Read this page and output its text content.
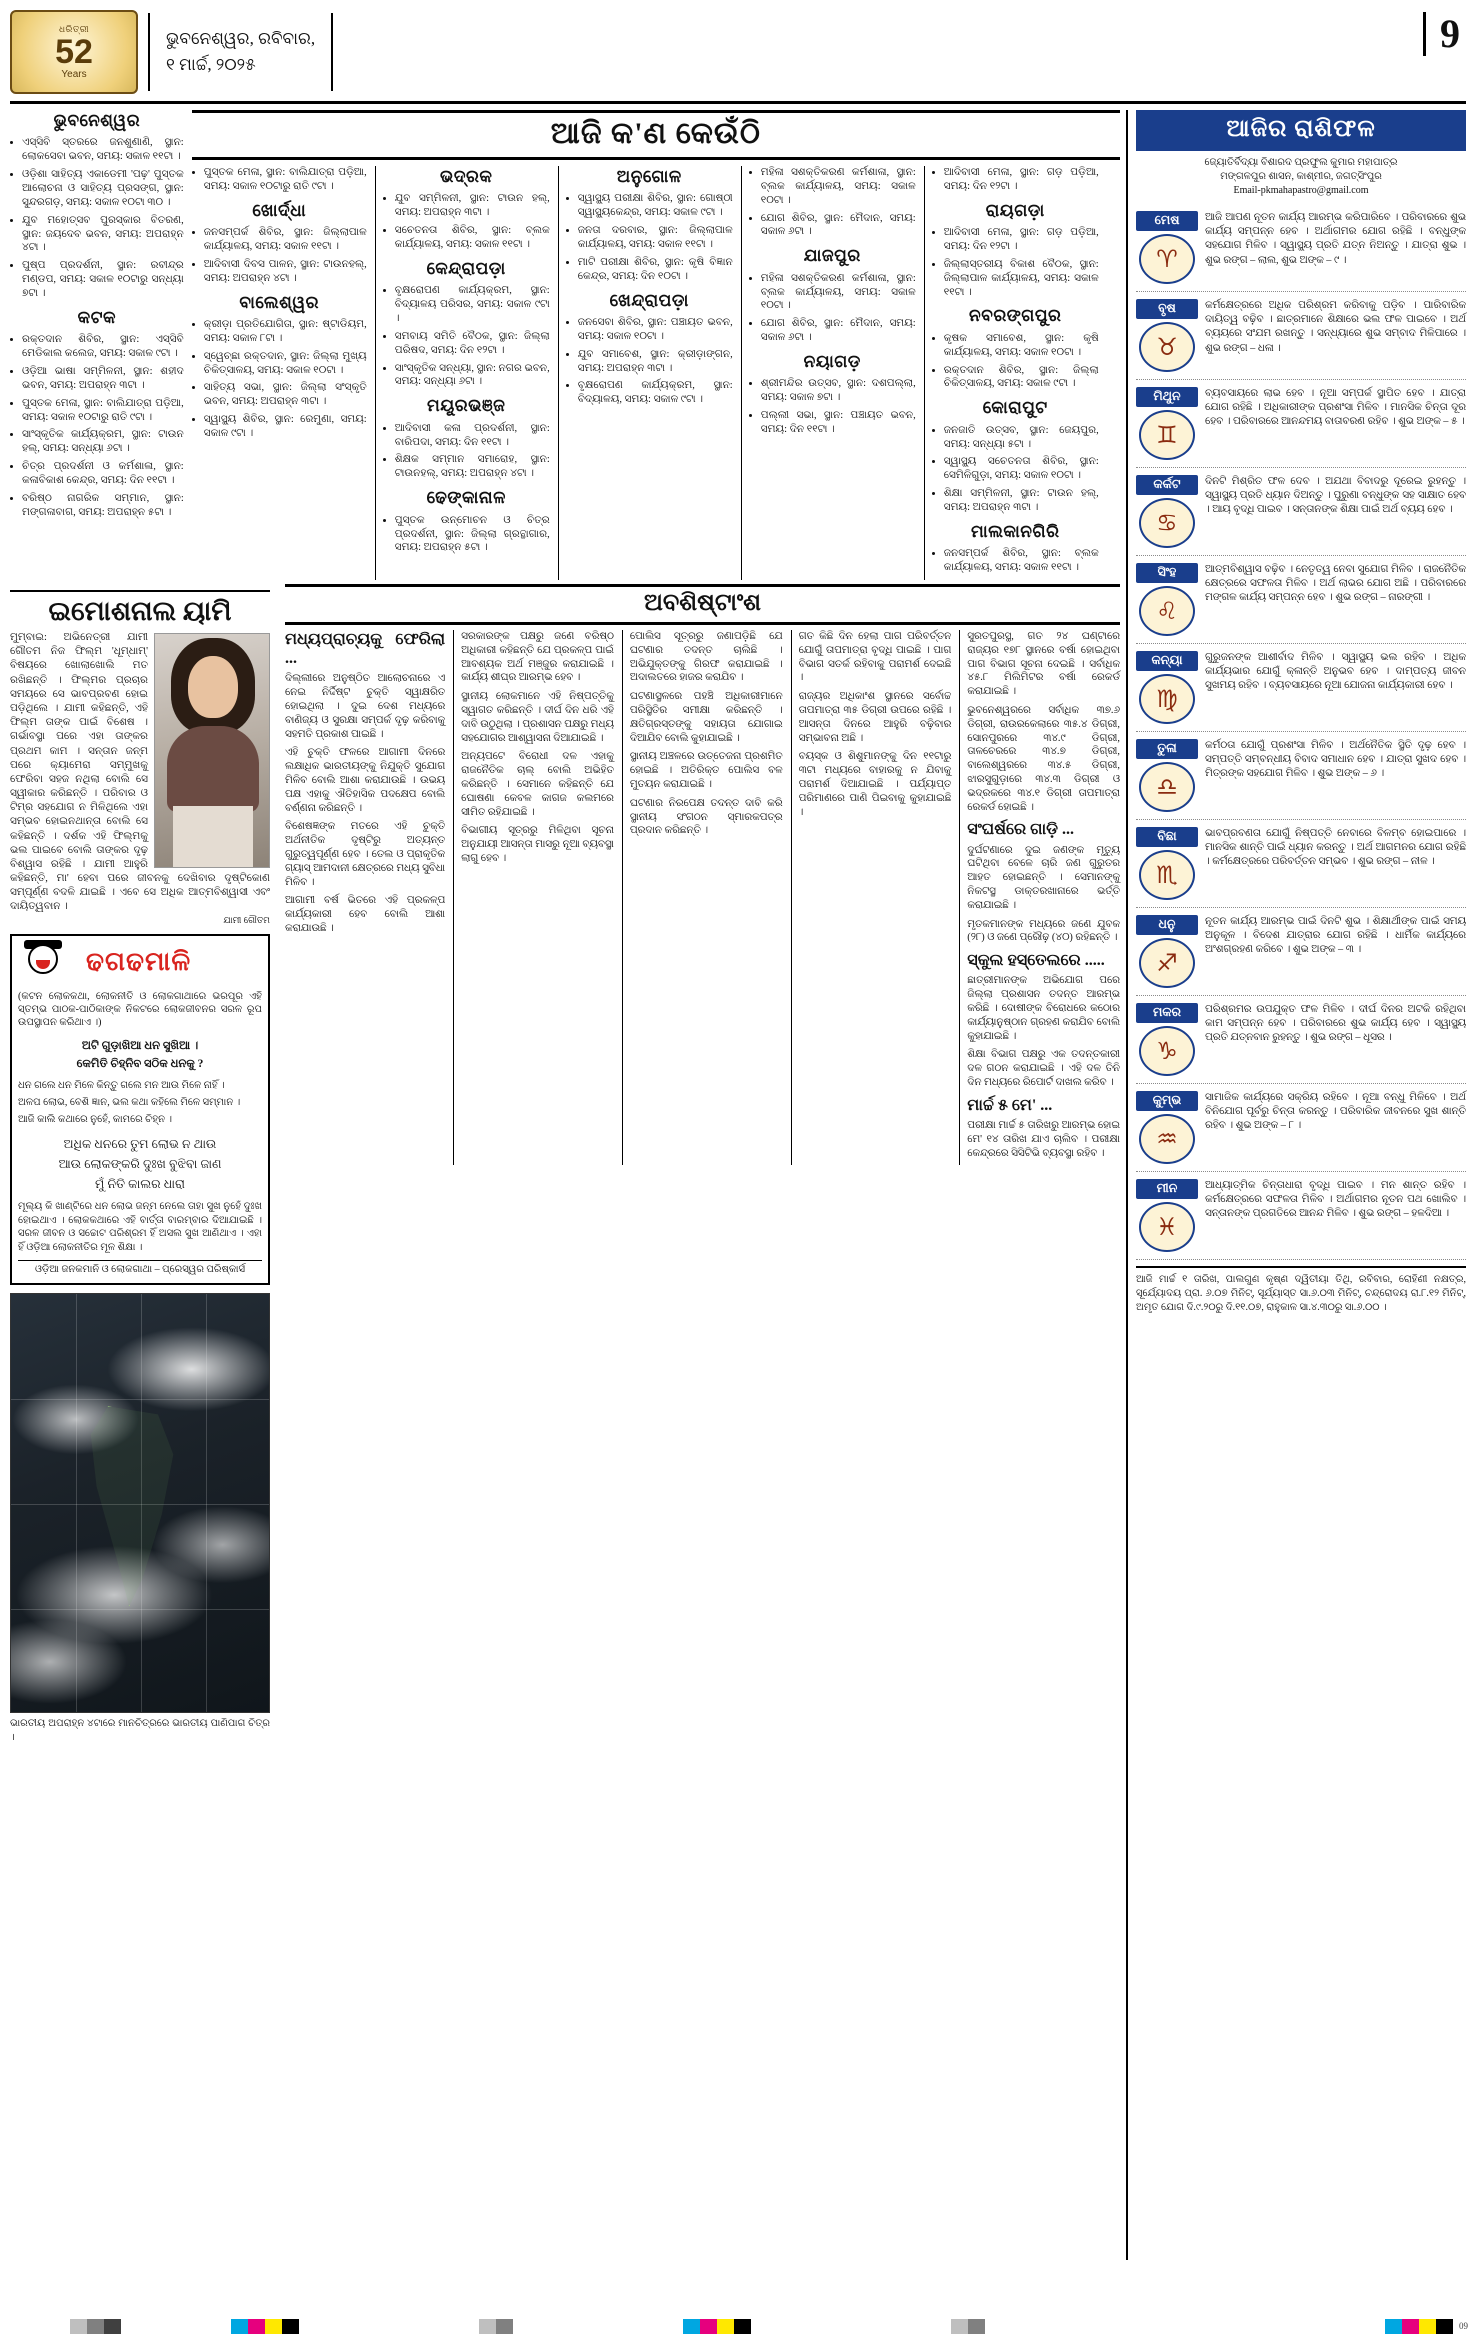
ଧରିତ୍ରୀ
52
Years
ଭୁବନେଶ୍ୱର, ରବିବାର,
୧ ମାର୍ଚ୍ଚ, ୨୦୨୫
9
ଭୁବନେଶ୍ୱର
• ଏସ୍‌ସିବି ସ୍ତରରେ ଜନଶୁଣାଣି, ସ୍ଥାନ: ଲୋକସେବା ଭବନ, ସମୟ: ସକାଳ ୧୧ଟା ।
• ଓଡ଼ିଶା ସାହିତ୍ୟ ଏକାଡେମୀ 'ପଢ଼' ପୁସ୍ତକ ଆଲୋଚନା ଓ ସାହିତ୍ୟ ପ୍ରସଙ୍ଗ, ସ୍ଥାନ: ସୁନ୍ଦରଗଡ଼, ସମୟ: ସକାଳ ୧୦ଟା ୩୦ ।
• ଯୁବ ମହୋତ୍ସବ ପୁରସ୍କାର ବିତରଣ, ସ୍ଥାନ: ଜୟଦେବ ଭବନ, ସମୟ: ଅପରାହ୍ନ ୪ଟା ।
• ପୁଷ୍ପ ପ୍ରଦର୍ଶନୀ, ସ୍ଥାନ: ରବୀନ୍ଦ୍ର ମଣ୍ଡପ, ସମୟ: ସକାଳ ୧୦ଟାରୁ ସନ୍ଧ୍ୟା ୭ଟା ।
କଟକ
• ରକ୍ତଦାନ ଶିବିର, ସ୍ଥାନ: ଏସ୍‌ସିବି ମେଡିକାଲ କଲେଜ, ସମୟ: ସକାଳ ୯ଟା ।
• ଓଡ଼ିଆ ଭାଷା ସମ୍ମିଳନୀ, ସ୍ଥାନ: ଶହୀଦ ଭବନ, ସମୟ: ଅପରାହ୍ନ ୩ଟା ।
• ପୁସ୍ତକ ମେଳା, ସ୍ଥାନ: ବାଲିଯାତ୍ରା ପଡ଼ିଆ, ସମୟ: ସକାଳ ୧୦ଟାରୁ ରାତି ୯ଟା ।
• ସାଂସ୍କୃତିକ କାର୍ଯ୍ୟକ୍ରମ, ସ୍ଥାନ: ଟାଉନ ହଲ୍‌, ସମୟ: ସନ୍ଧ୍ୟା ୬ଟା ।
• ଚିତ୍ର ପ୍ରଦର୍ଶନୀ ଓ କର୍ମଶାଳା, ସ୍ଥାନ: କଳାବିକାଶ କେନ୍ଦ୍ର, ସମୟ: ଦିନ ୧୧ଟା ।
• ବରିଷ୍ଠ ନାଗରିକ ସମ୍ମାନ, ସ୍ଥାନ: ମଙ୍ଗଳାବାଗ, ସମୟ: ଅପରାହ୍ନ ୫ଟା ।
ଆଜି କ'ଣ କେଉଁଠି
• ପୁସ୍ତକ ମେଳା, ସ୍ଥାନ: ବାଲିଯାତ୍ରା ପଡ଼ିଆ, ସମୟ: ସକାଳ ୧୦ଟାରୁ ରାତି ୯ଟା ।
ଖୋର୍ଦ୍ଧା
• ଜନସମ୍ପର୍କ ଶିବିର, ସ୍ଥାନ: ଜିଲ୍ଲାପାଳ କାର୍ଯ୍ୟାଳୟ, ସମୟ: ସକାଳ ୧୧ଟା ।
• ଆଦିବାସୀ ଦିବସ ପାଳନ, ସ୍ଥାନ: ଟାଉନହଲ୍‌, ସମୟ: ଅପରାହ୍ନ ୪ଟା ।
ବାଲେଶ୍ୱର
• କ୍ରୀଡ଼ା ପ୍ରତିଯୋଗିତା, ସ୍ଥାନ: ଷ୍ଟାଡିୟମ, ସମୟ: ସକାଳ ୮ଟା ।
• ସ୍ୱେଚ୍ଛା ରକ୍ତଦାନ, ସ୍ଥାନ: ଜିଲ୍ଲା ମୁଖ୍ୟ ଚିକିତ୍ସାଳୟ, ସମୟ: ସକାଳ ୧୦ଟା ।
• ସାହିତ୍ୟ ସଭା, ସ୍ଥାନ: ଜିଲ୍ଲା ସଂସ୍କୃତି ଭବନ, ସମୟ: ଅପରାହ୍ନ ୩ଟା ।
• ସ୍ୱାସ୍ଥ୍ୟ ଶିବିର, ସ୍ଥାନ: ରେମୁଣା, ସମୟ: ସକାଳ ୯ଟା ।
ଭଦ୍ରକ
• ଯୁବ ସମ୍ମିଳନୀ, ସ୍ଥାନ: ଟାଉନ ହଲ୍‌, ସମୟ: ଅପରାହ୍ନ ୩ଟା ।
• ସଚେତନତା ଶିବିର, ସ୍ଥାନ: ବ୍ଲକ କାର୍ଯ୍ୟାଳୟ, ସମୟ: ସକାଳ ୧୧ଟା ।
କେନ୍ଦ୍ରାପଡ଼ା
• ବୃକ୍ଷରୋପଣ କାର୍ଯ୍ୟକ୍ରମ, ସ୍ଥାନ: ବିଦ୍ୟାଳୟ ପରିସର, ସମୟ: ସକାଳ ୯ଟା ।
• ସମବାୟ ସମିତି ବୈଠକ, ସ୍ଥାନ: ଜିଲ୍ଲା ପରିଷଦ, ସମୟ: ଦିନ ୧୨ଟା ।
• ସାଂସ୍କୃତିକ ସନ୍ଧ୍ୟା, ସ୍ଥାନ: ନଗର ଭବନ, ସମୟ: ସନ୍ଧ୍ୟା ୬ଟା ।
ମୟୂରଭଞ୍ଜ
• ଆଦିବାସୀ କଳା ପ୍ରଦର୍ଶନୀ, ସ୍ଥାନ: ବାରିପଦା, ସମୟ: ଦିନ ୧୧ଟା ।
• ଶିକ୍ଷକ ସମ୍ମାନ ସମାରୋହ, ସ୍ଥାନ: ଟାଉନହଲ୍‌, ସମୟ: ଅପରାହ୍ନ ୪ଟା ।
ଢେଙ୍କାନାଳ
• ପୁସ୍ତକ ଉନ୍ମୋଚନ ଓ ଚିତ୍ର ପ୍ରଦର୍ଶନୀ, ସ୍ଥାନ: ଜିଲ୍ଲା ଗ୍ରନ୍ଥାଗାର, ସମୟ: ଅପରାହ୍ନ ୫ଟା ।
ଅନୁଗୋଳ
• ସ୍ୱାସ୍ଥ୍ୟ ପରୀକ୍ଷା ଶିବିର, ସ୍ଥାନ: ଗୋଷ୍ଠୀ ସ୍ୱାସ୍ଥ୍ୟକେନ୍ଦ୍ର, ସମୟ: ସକାଳ ୯ଟା ।
• ଜନତା ଦରବାର, ସ୍ଥାନ: ଜିଲ୍ଲାପାଳ କାର୍ଯ୍ୟାଳୟ, ସମୟ: ସକାଳ ୧୧ଟା ।
• ମାଟି ପରୀକ୍ଷା ଶିବିର, ସ୍ଥାନ: କୃଷି ବିଜ୍ଞାନ କେନ୍ଦ୍ର, ସମୟ: ଦିନ ୧୦ଟା ।
ଖେନ୍ଦ୍ରାପଡ଼ା
• ଜନସେବା ଶିବିର, ସ୍ଥାନ: ପଞ୍ଚାୟତ ଭବନ, ସମୟ: ସକାଳ ୧୦ଟା ।
• ଯୁବ ସମାବେଶ, ସ୍ଥାନ: କ୍ରୀଡ଼ାଙ୍ଗନ, ସମୟ: ଅପରାହ୍ନ ୩ଟା ।
• ବୃକ୍ଷରୋପଣ କାର୍ଯ୍ୟକ୍ରମ, ସ୍ଥାନ: ବିଦ୍ୟାଳୟ, ସମୟ: ସକାଳ ୯ଟା ।
• ମହିଳା ସଶକ୍ତିକରଣ କର୍ମଶାଳା, ସ୍ଥାନ: ବ୍ଲକ କାର୍ଯ୍ୟାଳୟ, ସମୟ: ସକାଳ ୧୦ଟା ।
• ଯୋଗ ଶିବିର, ସ୍ଥାନ: ମୈଦାନ, ସମୟ: ସକାଳ ୬ଟା ।
ଯାଜପୁର
• ମହିଳା ସଶକ୍ତିକରଣ କର୍ମଶାଳା, ସ୍ଥାନ: ବ୍ଲକ କାର୍ଯ୍ୟାଳୟ, ସମୟ: ସକାଳ ୧୦ଟା ।
• ଯୋଗ ଶିବିର, ସ୍ଥାନ: ମୈଦାନ, ସମୟ: ସକାଳ ୬ଟା ।
ନୟାଗଡ଼
• ଶ୍ରୀମନ୍ଦିର ଉତ୍ସବ, ସ୍ଥାନ: ଦଶପଲ୍ଲା, ସମୟ: ସକାଳ ୭ଟା ।
• ପଲ୍ଲୀ ସଭା, ସ୍ଥାନ: ପଞ୍ଚାୟତ ଭବନ, ସମୟ: ଦିନ ୧୧ଟା ।
• ଆଦିବାସୀ ମେଳା, ସ୍ଥାନ: ଗଡ଼ ପଡ଼ିଆ, ସମୟ: ଦିନ ୧୨ଟା ।
ରାୟଗଡ଼ା
• ଆଦିବାସୀ ମେଳା, ସ୍ଥାନ: ଗଡ଼ ପଡ଼ିଆ, ସମୟ: ଦିନ ୧୨ଟା ।
• ଜିଲ୍ଲାସ୍ତରୀୟ ବିକାଶ ବୈଠକ, ସ୍ଥାନ: ଜିଲ୍ଲାପାଳ କାର୍ଯ୍ୟାଳୟ, ସମୟ: ସକାଳ ୧୧ଟା ।
ନବରଙ୍ଗପୁର
• କୃଷକ ସମାବେଶ, ସ୍ଥାନ: କୃଷି କାର୍ଯ୍ୟାଳୟ, ସମୟ: ସକାଳ ୧୦ଟା ।
• ରକ୍ତଦାନ ଶିବିର, ସ୍ଥାନ: ଜିଲ୍ଲା ଚିକିତ୍ସାଳୟ, ସମୟ: ସକାଳ ୯ଟା ।
କୋରାପୁଟ
• ଜନଜାତି ଉତ୍ସବ, ସ୍ଥାନ: ଜେୟପୁର, ସମୟ: ସନ୍ଧ୍ୟା ୫ଟା ।
• ସ୍ୱାସ୍ଥ୍ୟ ସଚେତନତା ଶିବିର, ସ୍ଥାନ: ସେମିଳିଗୁଡ଼ା, ସମୟ: ସକାଳ ୧୦ଟା ।
• ଶିକ୍ଷା ସମ୍ମିଳନୀ, ସ୍ଥାନ: ଟାଉନ ହଲ୍‌, ସମୟ: ଅପରାହ୍ନ ୩ଟା ।
ମାଲକାନଗିରି
• ଜନସମ୍ପର୍କ ଶିବିର, ସ୍ଥାନ: ବ୍ଲକ କାର୍ଯ୍ୟାଳୟ, ସମୟ: ସକାଳ ୧୧ଟା ।
ଇମୋଶନାଲ ୟାମି
ମୁମ୍ବାଇ: ଅଭିନେତ୍ରୀ ଯାମୀ ଗୌତମ ନିଜ ଫିଲ୍ମ 'ଧୂମ୍‌ଧାମ୍‌' ବିଷୟରେ ଖୋଲାଖୋଲି ମତ ରଖିଛନ୍ତି । ଫିଲ୍ମର ପ୍ରଚାର ସମୟରେ ସେ ଭାବପ୍ରବଣ ହୋଇ ପଡ଼ିଥିଲେ । ଯାମୀ କହିଛନ୍ତି, ଏହି ଫିଲ୍ମ ତାଙ୍କ ପାଇଁ ବିଶେଷ । ଗର୍ଭାବସ୍ଥା ପରେ ଏହା ତାଙ୍କର ପ୍ରଥମ କାମ । ସନ୍ତାନ ଜନ୍ମ ପରେ କ୍ୟାମେରା ସମ୍ମୁଖକୁ ଫେରିବା ସହଜ ନଥିଲା ବୋଲି ସେ ସ୍ୱୀକାର କରିଛନ୍ତି । ପରିବାର ଓ ଟିମ୍‌ର ସହଯୋଗ ନ ମିଳିଥିଲେ ଏହା ସମ୍ଭବ ହୋଇନଥାନ୍ତା ବୋଲି ସେ କହିଛନ୍ତି । ଦର୍ଶକ ଏହି ଫିଲ୍ମକୁ ଭଲ ପାଇବେ ବୋଲି ତାଙ୍କର ଦୃଢ଼ ବିଶ୍ୱାସ ରହିଛି । ଯାମୀ ଆହୁରି କହିଛନ୍ତି, ମା' ହେବା ପରେ ଜୀବନକୁ ଦେଖିବାର ଦୃଷ୍ଟିକୋଣ ସମ୍ପୂର୍ଣ୍ଣ ବଦଳି ଯାଇଛି । ଏବେ ସେ ଅଧିକ ଆତ୍ମବିଶ୍ୱାସୀ ଏବଂ ଦାୟିତ୍ୱବାନ ।
ଯାମୀ ଗୌତମ
ଢଗଢମାଳି
(କଟନ ଲୋକକଥା, ଲୋକନୀତି ଓ ଲୋକଗାଥାରେ ଭରପୂର ଏହି ସ୍ତମ୍ଭ ପାଠକ-ପାଠିକାଙ୍କ ନିକଟରେ ଲୋକଜୀବନର ସରଳ ରୂପ ଉପସ୍ଥାପନ କରିଥାଏ ।)
ଅଟି ଗୁଡ଼ାଖିଆ ଧନ ସୁଖିଆ ।
କେମିତି ଚିହ୍ନିବ ସଠିକ ଧନକୁ ?
ଧନ ଗଲେ ଧନ ମିଳେ କିନ୍ତୁ ଗଲେ ମନ ଆଉ ମିଳେ ନାହିଁ ।
ଅଳପ ଲୋଭ, ବେଶି ଜ୍ଞାନ, ଭଲ କଥା କହିଲେ ମିଳେ ସମ୍ମାନ ।
ଆଜି କାଲି କଥାରେ ନୁହେଁ, କାମରେ ଚିହ୍ନ ।
ଅଧିକ ଧନରେ ତୁମ ଲୋଭ ନ ଥାଉ
ଆଉ ଲୋକଙ୍କରି ଦୁଃଖ ବୁଝିବା ଜାଣ
ମୁଁ ନିତି କାଲର ଧାରା
ମୂଲ୍ୟ କି ଖାଣ୍ଟିରେ ଧନ ଲୋଭ ଜନ୍ମ ନେଲେ ତାହା ସୁଖ ନୁହେଁ ଦୁଃଖ ହୋଇଥାଏ । ଲୋକକଥାରେ ଏହି ବାର୍ତ୍ତା ବାରମ୍ବାର ଦିଆଯାଇଛି । ସରଳ ଜୀବନ ଓ ସଚ୍ଚୋଟ ପରିଶ୍ରମ ହିଁ ଅସଲ ସୁଖ ଆଣିଥାଏ । ଏହା ହିଁ ଓଡ଼ିଆ ଲୋକନୀତିର ମୂଳ ଶିକ୍ଷା ।
ଓଡ଼ିଆ ଜନକମାନି ଓ ଲୋକଗାଥା – ପ୍ରେସ୍ୱର ପରିଷ୍କାର୍ସ
ଭାରତୀୟ ଅପରାହ୍ନ ୪ଟାରେ ମାନଚିତ୍ରରେ ଭାରତୀୟ ପାଣିପାଗ ଚିତ୍ର ।
ଅବଶିଷ୍ଟାଂଶ
ମଧ୍ୟପ୍ରାଚ୍ୟକୁ ଫେରିଲା ...

ଦିଲ୍ଲୀରେ ଅନୁଷ୍ଠିତ ଆଲୋଚନାରେ ଏ ନେଇ ନିର୍ଦ୍ଦିଷ୍ଟ ଚୁକ୍ତି ସ୍ୱାକ୍ଷରିତ ହୋଇଥିଲା । ଦୁଇ ଦେଶ ମଧ୍ୟରେ ବାଣିଜ୍ୟ ଓ ସୁରକ୍ଷା ସମ୍ପର୍କ ଦୃଢ଼ କରିବାକୁ ସହମତି ପ୍ରକାଶ ପାଇଛି ।

ଏହି ଚୁକ୍ତି ଫଳରେ ଆଗାମୀ ଦିନରେ ଲକ୍ଷାଧିକ ଭାରତୀୟଙ୍କୁ ନିଯୁକ୍ତି ସୁଯୋଗ ମିଳିବ ବୋଲି ଆଶା କରାଯାଉଛି । ଉଭୟ ପକ୍ଷ ଏହାକୁ ଐତିହାସିକ ପଦକ୍ଷେପ ବୋଲି ବର୍ଣ୍ଣନା କରିଛନ୍ତି ।

ବିଶେଷଜ୍ଞଙ୍କ ମତରେ ଏହି ଚୁକ୍ତି ଅର୍ଥନୀତିକ ଦୃଷ୍ଟିରୁ ଅତ୍ୟନ୍ତ ଗୁରୁତ୍ୱପୂର୍ଣ୍ଣ ହେବ । ତେଲ ଓ ପ୍ରାକୃତିକ ଗ୍ୟାସ୍‌ ଆମଦାନୀ କ୍ଷେତ୍ରରେ ମଧ୍ୟ ସୁବିଧା ମିଳିବ ।

ଆଗାମୀ ବର୍ଷ ଭିତରେ ଏହି ପ୍ରକଳ୍ପ କାର୍ଯ୍ୟକାରୀ ହେବ ବୋଲି ଆଶା କରାଯାଉଛି ।

ସରକାରଙ୍କ ପକ୍ଷରୁ ଜଣେ ବରିଷ୍ଠ ଅଧିକାରୀ କହିଛନ୍ତି ଯେ ପ୍ରକଳ୍ପ ପାଇଁ ଆବଶ୍ୟକ ଅର୍ଥ ମଞ୍ଜୁର କରାଯାଇଛି । କାର୍ଯ୍ୟ ଶୀଘ୍ର ଆରମ୍ଭ ହେବ ।

ସ୍ଥାନୀୟ ଲୋକମାନେ ଏହି ନିଷ୍ପତ୍ତିକୁ ସ୍ୱାଗତ କରିଛନ୍ତି । ଦୀର୍ଘ ଦିନ ଧରି ଏହି ଦାବି ଉଠୁଥିଲା । ପ୍ରଶାସନ ପକ୍ଷରୁ ମଧ୍ୟ ସହଯୋଗର ଆଶ୍ୱାସନା ଦିଆଯାଇଛି ।

ଅନ୍ୟପଟେ ବିରୋଧୀ ଦଳ ଏହାକୁ ରାଜନୈତିକ ଚାଲ୍‌ ବୋଲି ଅଭିହିତ କରିଛନ୍ତି । ସେମାନେ କହିଛନ୍ତି ଯେ ଘୋଷଣା କେବଳ କାଗଜ କଲମରେ ସୀମିତ ରହିଯାଇଛି ।

ବିଭାଗୀୟ ସୂତ୍ରରୁ ମିଳିଥିବା ସୂଚନା ଅନୁଯାୟୀ ଆସନ୍ତା ମାସରୁ ନୂଆ ବ୍ୟବସ୍ଥା ଲାଗୁ ହେବ ।

ପୋଲିସ ସୂତ୍ରରୁ ଜଣାପଡ଼ିଛି ଯେ ଘଟଣାର ତଦନ୍ତ ଚାଲିଛି । ଅଭିଯୁକ୍ତଙ୍କୁ ଗିରଫ କରାଯାଇଛି । ଅଦାଲତରେ ହାଜର କରାଯିବ ।

ଘଟଣାସ୍ଥଳରେ ପହଞ୍ଚି ଅଧିକାରୀମାନେ ପରିସ୍ଥିତିର ସମୀକ୍ଷା କରିଛନ୍ତି । କ୍ଷତିଗ୍ରସ୍ତଙ୍କୁ ସହାୟତା ଯୋଗାଇ ଦିଆଯିବ ବୋଲି କୁହାଯାଇଛି ।

ସ୍ଥାନୀୟ ଅଞ୍ଚଳରେ ଉତ୍ତେଜନା ପ୍ରଶମିତ ହୋଇଛି । ଅତିରିକ୍ତ ପୋଲିସ ବଳ ମୁତୟନ କରାଯାଇଛି ।

ଘଟଣାର ନିରପେକ୍ଷ ତଦନ୍ତ ଦାବି କରି ସ୍ଥାନୀୟ ସଂଗଠନ ସ୍ମାରକପତ୍ର ପ୍ରଦାନ କରିଛନ୍ତି ।

ଗତ କିଛି ଦିନ ହେଲା ପାଗ ପରିବର୍ତ୍ତନ ଯୋଗୁଁ ତାପମାତ୍ରା ବୃଦ୍ଧି ପାଇଛି । ପାଗ ବିଭାଗ ସତର୍କ ରହିବାକୁ ପରାମର୍ଶ ଦେଇଛି ।

ରାଜ୍ୟର ଅଧିକାଂଶ ସ୍ଥାନରେ ସର୍ବୋଚ୍ଚ ତାପମାତ୍ରା ୩୫ ଡିଗ୍ରୀ ଉପରେ ରହିଛି । ଆସନ୍ତା ଦିନରେ ଆହୁରି ବଢ଼ିବାର ସମ୍ଭାବନା ଅଛି ।

ବୟସ୍କ ଓ ଶିଶୁମାନଙ୍କୁ ଦିନ ୧୧ଟାରୁ ୩ଟା ମଧ୍ୟରେ ବାହାରକୁ ନ ଯିବାକୁ ପରାମର୍ଶ ଦିଆଯାଇଛି । ପର୍ଯ୍ୟାପ୍ତ ପରିମାଣରେ ପାଣି ପିଇବାକୁ କୁହାଯାଇଛି ।

ସୁରତପୁରସ୍ଥ, ଗତ ୨୪ ଘଣ୍ଟାରେ ରାଜ୍ୟର ୧୭୮ ସ୍ଥାନରେ ବର୍ଷା ହୋଇଥିବା ପାଗ ବିଭାଗ ସୂଚନା ଦେଇଛି । ସର୍ବାଧିକ ୪୫.୮ ମିଲିମିଟର ବର୍ଷା ରେକର୍ଡ କରାଯାଇଛି ।

ଭୁବନେଶ୍ୱରରେ ସର୍ବାଧିକ ୩୭.୬ ଡିଗ୍ରୀ, ରାଉରକେଲାରେ ୩୫.୪ ଡିଗ୍ରୀ, ସୋନପୁରରେ ୩୪.୯ ଡିଗ୍ରୀ, ତାଳଚେରରେ ୩୪.୭ ଡିଗ୍ରୀ, ବାଲେଶ୍ୱରରେ ୩୪.୫ ଡିଗ୍ରୀ, ଝାରସୁଗୁଡ଼ାରେ ୩୪.୩ ଡିଗ୍ରୀ ଓ ଭଦ୍ରକରେ ୩୪.୧ ଡିଗ୍ରୀ ତାପମାତ୍ରା ରେକର୍ଡ ହୋଇଛି ।

ସଂଘର୍ଷରେ ଗାଡ଼ି ...

ଦୁର୍ଘଟଣାରେ ଦୁଇ ଜଣଙ୍କ ମୃତ୍ୟୁ ଘଟିଥିବା ବେଳେ ଚାରି ଜଣ ଗୁରୁତର ଆହତ ହୋଇଛନ୍ତି । ସେମାନଙ୍କୁ ନିକଟସ୍ଥ ଡାକ୍ତରଖାନାରେ ଭର୍ତ୍ତି କରାଯାଇଛି ।

ମୃତକମାନଙ୍କ ମଧ୍ୟରେ ଜଣେ ଯୁବକ (୨୮) ଓ ଜଣେ ପ୍ରୌଢ଼ (୪୦) ରହିଛନ୍ତି ।

ସ୍କୁଲ ହସ୍ତେଲରେ .....

ଛାତ୍ରୀମାନଙ୍କ ଅଭିଯୋଗ ପରେ ଜିଲ୍ଲା ପ୍ରଶାସନ ତଦନ୍ତ ଆରମ୍ଭ କରିଛି । ଦୋଷୀଙ୍କ ବିରୋଧରେ କଠୋର କାର୍ଯ୍ୟାନୁଷ୍ଠାନ ଗ୍ରହଣ କରାଯିବ ବୋଲି କୁହାଯାଇଛି ।

ଶିକ୍ଷା ବିଭାଗ ପକ୍ଷରୁ ଏକ ତଦନ୍ତକାରୀ ଦଳ ଗଠନ କରାଯାଇଛି । ଏହି ଦଳ ତିନି ଦିନ ମଧ୍ୟରେ ରିପୋର୍ଟ ଦାଖଲ କରିବ ।

ମାର୍ଚ୍ଚ ୫ ମେ' ...

ପରୀକ୍ଷା ମାର୍ଚ୍ଚ ୫ ତାରିଖରୁ ଆରମ୍ଭ ହୋଇ ମେ' ୧୪ ତାରିଖ ଯାଏ ଚାଲିବ । ପରୀକ୍ଷା କେନ୍ଦ୍ରରେ ସିସିଟିଭି ବ୍ୟବସ୍ଥା ରହିବ ।

ଆଜିର ରାଶିଫଳ
ଜ୍ୟୋତିର୍ବିଦ୍ୟା ବିଶାରଦ ପ୍ରଫୁଲ କୁମାର ମହାପାତ୍ର
ମଙ୍ଗଳପୁର ଶାସନ, କାଶ୍ମୀର, ଜଗତ୍‌ସିଂପୁର
Email-pkmahapastro@gmail.com
ମେଷ
♈
ଆଜି ଆପଣ ନୂତନ କାର୍ଯ୍ୟ ଆରମ୍ଭ କରିପାରିବେ । ପରିବାରରେ ଶୁଭ କାର୍ଯ୍ୟ ସମ୍ପନ୍ନ ହେବ । ଅର୍ଥାଗମର ଯୋଗ ରହିଛି । ବନ୍ଧୁଙ୍କ ସହଯୋଗ ମିଳିବ । ସ୍ୱାସ୍ଥ୍ୟ ପ୍ରତି ଯତ୍ନ ନିଅନ୍ତୁ । ଯାତ୍ରା ଶୁଭ । ଶୁଭ ରଙ୍ଗ – ଲାଲ, ଶୁଭ ଅଙ୍କ – ୯ ।
ବୃଷ
♉
କର୍ମକ୍ଷେତ୍ରରେ ଅଧିକ ପରିଶ୍ରମ କରିବାକୁ ପଡ଼ିବ । ପାରିବାରିକ ଦାୟିତ୍ୱ ବଢ଼ିବ । ଛାତ୍ରମାନେ ଶିକ୍ଷାରେ ଭଲ ଫଳ ପାଇବେ । ଅର୍ଥ ବ୍ୟୟରେ ସଂଯମ ରଖନ୍ତୁ । ସନ୍ଧ୍ୟାରେ ଶୁଭ ସମ୍ବାଦ ମିଳିପାରେ । ଶୁଭ ରଙ୍ଗ – ଧଳା ।
ମିଥୁନ
♊
ବ୍ୟବସାୟରେ ଲାଭ ହେବ । ନୂଆ ସମ୍ପର୍କ ସ୍ଥାପିତ ହେବ । ଯାତ୍ରା ଯୋଗ ରହିଛି । ଅଧିକାରୀଙ୍କ ପ୍ରଶଂସା ମିଳିବ । ମାନସିକ ଚିନ୍ତା ଦୂର ହେବ । ପରିବାରରେ ଆନନ୍ଦମୟ ବାତାବରଣ ରହିବ । ଶୁଭ ଅଙ୍କ – ୫ ।
କର୍କଟ
♋
ଦିନଟି ମିଶ୍ରିତ ଫଳ ଦେବ । ଅଯଥା ବିବାଦରୁ ଦୂରେଇ ରୁହନ୍ତୁ । ସ୍ୱାସ୍ଥ୍ୟ ପ୍ରତି ଧ୍ୟାନ ଦିଅନ୍ତୁ । ପୁରୁଣା ବନ୍ଧୁଙ୍କ ସହ ସାକ୍ଷାତ ହେବ । ଆୟ ବୃଦ୍ଧି ପାଇବ । ସନ୍ତାନଙ୍କ ଶିକ୍ଷା ପାଇଁ ଅର୍ଥ ବ୍ୟୟ ହେବ ।
ସିଂହ
♌
ଆତ୍ମବିଶ୍ୱାସ ବଢ଼ିବ । ନେତୃତ୍ୱ ନେବା ସୁଯୋଗ ମିଳିବ । ରାଜନୈତିକ କ୍ଷେତ୍ରରେ ସଫଳତା ମିଳିବ । ଅର୍ଥ ଲାଭର ଯୋଗ ଅଛି । ପରିବାରରେ ମଙ୍ଗଳ କାର୍ଯ୍ୟ ସମ୍ପନ୍ନ ହେବ । ଶୁଭ ରଙ୍ଗ – ନାରଙ୍ଗୀ ।
କନ୍ୟା
♍
ଗୁରୁଜନଙ୍କ ଆଶୀର୍ବାଦ ମିଳିବ । ସ୍ୱାସ୍ଥ୍ୟ ଭଲ ରହିବ । ଅଧିକ କାର୍ଯ୍ୟଭାର ଯୋଗୁଁ କ୍ଳାନ୍ତି ଅନୁଭବ ହେବ । ଦାମ୍ପତ୍ୟ ଜୀବନ ସୁଖମୟ ରହିବ । ବ୍ୟବସାୟରେ ନୂଆ ଯୋଜନା କାର୍ଯ୍ୟକାରୀ ହେବ ।
ତୁଳା
♎
କର୍ମଠତା ଯୋଗୁଁ ପ୍ରଶଂସା ମିଳିବ । ଅର୍ଥନୈତିକ ସ୍ଥିତି ଦୃଢ଼ ହେବ । ସମ୍ପତ୍ତି ସମ୍ବନ୍ଧୀୟ ବିବାଦ ସମାଧାନ ହେବ । ଯାତ୍ରା ସୁଖଦ ହେବ । ମିତ୍ରଙ୍କ ସହଯୋଗ ମିଳିବ । ଶୁଭ ଅଙ୍କ – ୬ ।
ବିଛା
♏
ଭାବପ୍ରବଣତା ଯୋଗୁଁ ନିଷ୍ପତ୍ତି ନେବାରେ ବିଳମ୍ବ ହୋଇପାରେ । ମାନସିକ ଶାନ୍ତି ପାଇଁ ଧ୍ୟାନ କରନ୍ତୁ । ଅର୍ଥ ଆଗମନର ଯୋଗ ରହିଛି । କର୍ମକ୍ଷେତ୍ରରେ ପରିବର୍ତ୍ତନ ସମ୍ଭବ । ଶୁଭ ରଙ୍ଗ – ନୀଳ ।
ଧନୁ
♐
ନୂତନ କାର୍ଯ୍ୟ ଆରମ୍ଭ ପାଇଁ ଦିନଟି ଶୁଭ । ଶିକ୍ଷାର୍ଥୀଙ୍କ ପାଇଁ ସମୟ ଅନୁକୂଳ । ବିଦେଶ ଯାତ୍ରାର ଯୋଗ ରହିଛି । ଧାର୍ମିକ କାର୍ଯ୍ୟରେ ଅଂଶଗ୍ରହଣ କରିବେ । ଶୁଭ ଅଙ୍କ – ୩ ।
ମକର
♑
ପରିଶ୍ରମର ଉପଯୁକ୍ତ ଫଳ ମିଳିବ । ଦୀର୍ଘ ଦିନର ଅଟକି ରହିଥିବା କାମ ସମ୍ପନ୍ନ ହେବ । ପରିବାରରେ ଶୁଭ କାର୍ଯ୍ୟ ହେବ । ସ୍ୱାସ୍ଥ୍ୟ ପ୍ରତି ଯତ୍ନବାନ ରୁହନ୍ତୁ । ଶୁଭ ରଙ୍ଗ – ଧୂସର ।
କୁମ୍ଭ
♒
ସାମାଜିକ କାର୍ଯ୍ୟରେ ସକ୍ରିୟ ରହିବେ । ନୂଆ ବନ୍ଧୁ ମିଳିବେ । ଅର୍ଥ ବିନିଯୋଗ ପୂର୍ବରୁ ଚିନ୍ତା କରନ୍ତୁ । ପରିବାରିକ ଜୀବନରେ ସୁଖ ଶାନ୍ତି ରହିବ । ଶୁଭ ଅଙ୍କ – ୮ ।
ମୀନ
♓
ଆଧ୍ୟାତ୍ମିକ ଚିନ୍ତାଧାରା ବୃଦ୍ଧି ପାଇବ । ମନ ଶାନ୍ତ ରହିବ । କର୍ମକ୍ଷେତ୍ରରେ ସଫଳତା ମିଳିବ । ଅର୍ଥାଗମର ନୂତନ ପଥ ଖୋଲିବ । ସନ୍ତାନଙ୍କ ପ୍ରଗତିରେ ଆନନ୍ଦ ମିଳିବ । ଶୁଭ ରଙ୍ଗ – ହଳଦିଆ ।
ଆଜି ମାର୍ଚ୍ଚ ୧ ତାରିଖ, ପାଲଗୁଣ କୃଷ୍ଣ ଦ୍ୱିତୀୟା ତିଥି, ରବିବାର, ରୋହିଣୀ ନକ୍ଷତ୍ର, ସୂର୍ଯ୍ୟୋଦୟ ପ୍ରା. ୬.୦୭ ମିନିଟ୍‌, ସୂର୍ଯ୍ୟାସ୍ତ ସା.୬.୦୩ ମିନିଟ୍‌, ଚନ୍ଦ୍ରୋଦୟ ରା.୮.୧୨ ମିନିଟ୍‌, ଅମୃତ ଯୋଗ ଦି.୯.୨୦ରୁ ଦି.୧୧.୦୭, ରାହୁକାଳ ସା.୪.୩୦ରୁ ସା.୬.୦୦ ।
09
